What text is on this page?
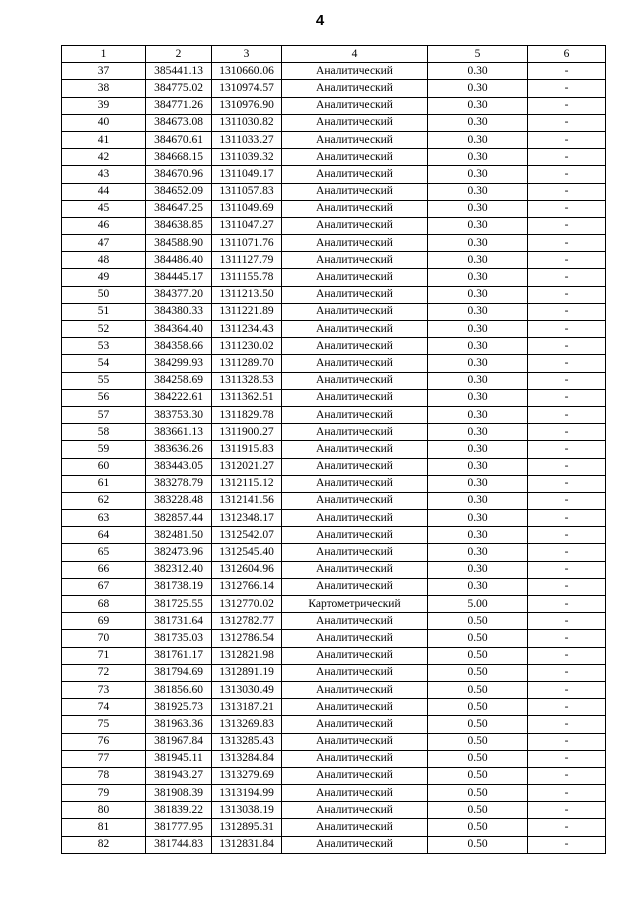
4
1	2	3	4	5	6
37	385441.13	1310660.06	Аналитический	0.30	-
38	384775.02	1310974.57	Аналитический	0.30	-
39	384771.26	1310976.90	Аналитический	0.30	-
40	384673.08	1311030.82	Аналитический	0.30	-
41	384670.61	1311033.27	Аналитический	0.30	-
42	384668.15	1311039.32	Аналитический	0.30	-
43	384670.96	1311049.17	Аналитический	0.30	-
44	384652.09	1311057.83	Аналитический	0.30	-
45	384647.25	1311049.69	Аналитический	0.30	-
46	384638.85	1311047.27	Аналитический	0.30	-
47	384588.90	1311071.76	Аналитический	0.30	-
48	384486.40	1311127.79	Аналитический	0.30	-
49	384445.17	1311155.78	Аналитический	0.30	-
50	384377.20	1311213.50	Аналитический	0.30	-
51	384380.33	1311221.89	Аналитический	0.30	-
52	384364.40	1311234.43	Аналитический	0.30	-
53	384358.66	1311230.02	Аналитический	0.30	-
54	384299.93	1311289.70	Аналитический	0.30	-
55	384258.69	1311328.53	Аналитический	0.30	-
56	384222.61	1311362.51	Аналитический	0.30	-
57	383753.30	1311829.78	Аналитический	0.30	-
58	383661.13	1311900.27	Аналитический	0.30	-
59	383636.26	1311915.83	Аналитический	0.30	-
60	383443.05	1312021.27	Аналитический	0.30	-
61	383278.79	1312115.12	Аналитический	0.30	-
62	383228.48	1312141.56	Аналитический	0.30	-
63	382857.44	1312348.17	Аналитический	0.30	-
64	382481.50	1312542.07	Аналитический	0.30	-
65	382473.96	1312545.40	Аналитический	0.30	-
66	382312.40	1312604.96	Аналитический	0.30	-
67	381738.19	1312766.14	Аналитический	0.30	-
68	381725.55	1312770.02	Картометрический	5.00	-
69	381731.64	1312782.77	Аналитический	0.50	-
70	381735.03	1312786.54	Аналитический	0.50	-
71	381761.17	1312821.98	Аналитический	0.50	-
72	381794.69	1312891.19	Аналитический	0.50	-
73	381856.60	1313030.49	Аналитический	0.50	-
74	381925.73	1313187.21	Аналитический	0.50	-
75	381963.36	1313269.83	Аналитический	0.50	-
76	381967.84	1313285.43	Аналитический	0.50	-
77	381945.11	1313284.84	Аналитический	0.50	-
78	381943.27	1313279.69	Аналитический	0.50	-
79	381908.39	1313194.99	Аналитический	0.50	-
80	381839.22	1313038.19	Аналитический	0.50	-
81	381777.95	1312895.31	Аналитический	0.50	-
82	381744.83	1312831.84	Аналитический	0.50	-
